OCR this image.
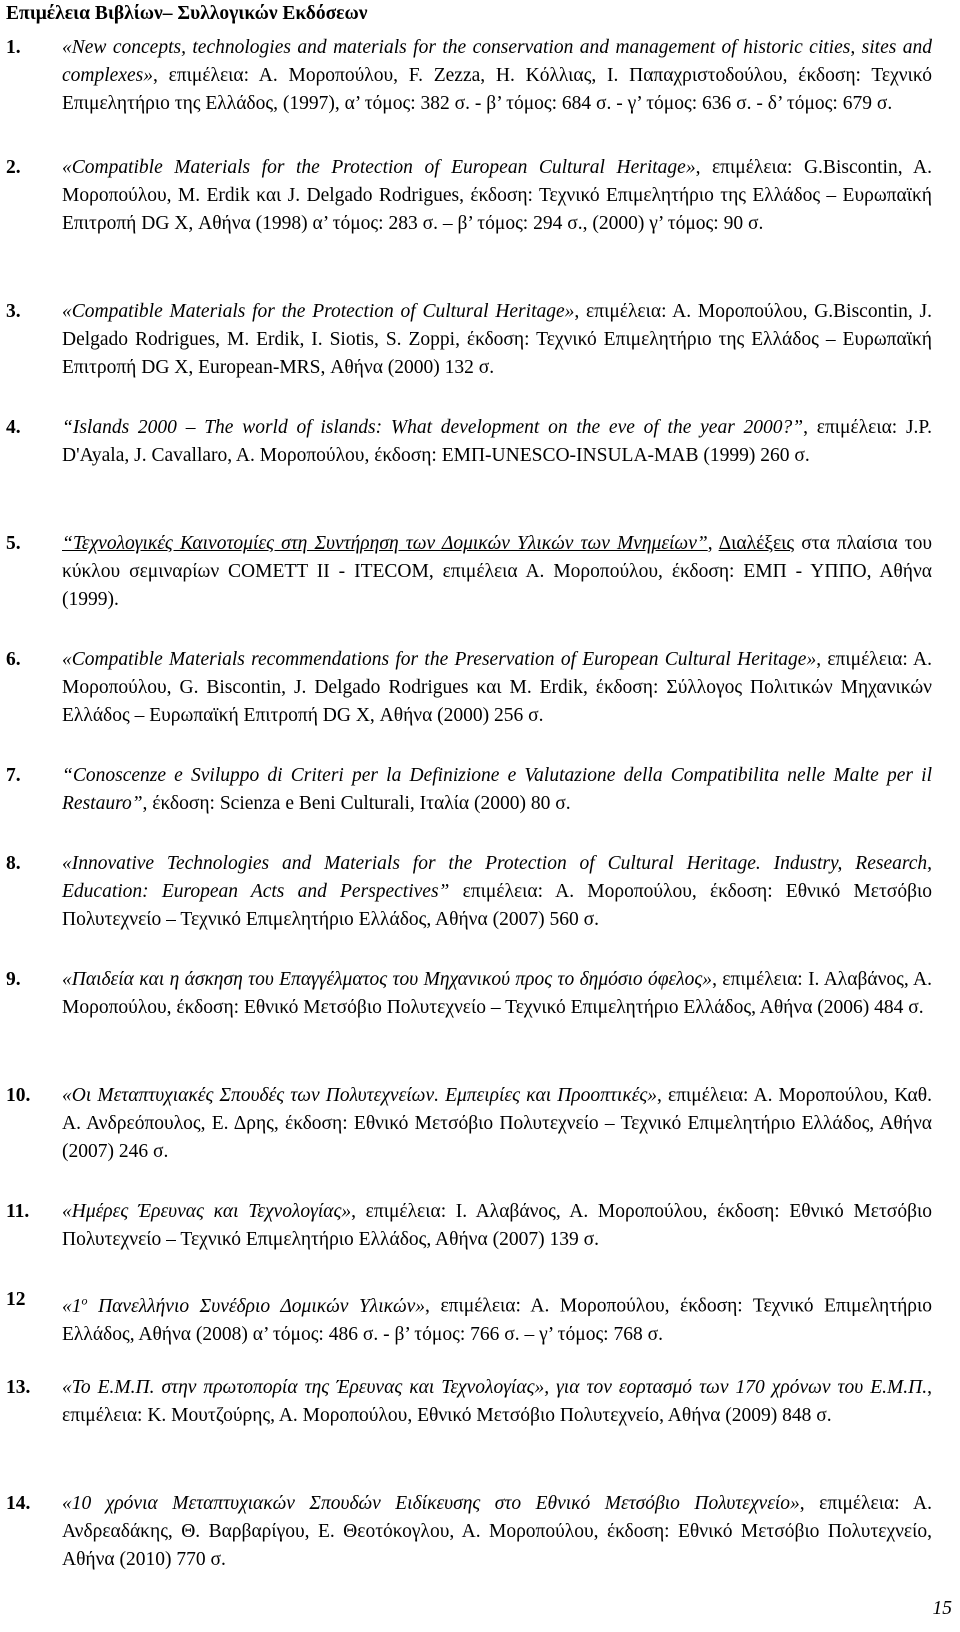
Επιμέλεια Βιβλίων– Συλλογικών Εκδόσεων
1.	«New concepts, technologies and materials for the conservation and management of historic cities, sites and complexes», επιμέλεια: Α. Μοροπούλου, F. Zezza, Η. Κόλλιας, Ι. Παπαχριστοδούλου, έκδοση: Τεχνικό Επιμελητήριο της Ελλάδος, (1997), α’ τόμος: 382 σ. - β’ τόμος: 684 σ. - γ’ τόμος: 636 σ. - δ’ τόμος: 679 σ.
2.	«Compatible Materials for the Protection of European Cultural Heritage», επιμέλεια: G.Biscontin, A. Μοροπούλου, M. Erdik και J. Delgado Rodrigues, έκδοση: Τεχνικό Επιμελητήριο της Ελλάδος – Ευρωπαϊκή Επιτροπή DG X, Αθήνα (1998) α’ τόμος: 283 σ. – β’ τόμος: 294 σ., (2000) γ’ τόμος: 90 σ.
3.	«Compatible Materials for the Protection of Cultural Heritage», επιμέλεια: Α. Μοροπούλου, G.Biscontin, J. Delgado Rodrigues, M. Erdik, I. Siotis, S. Zoppi, έκδοση: Τεχνικό Επιμελητήριο της Ελλάδος – Ευρωπαϊκή Επιτροπή DG X, European-MRS, Αθήνα (2000) 132 σ.
4.	“Islands 2000 – The world of islands: What development on the eve of the year 2000?”, επιμέλεια: J.P. D'Ayala, J. Cavallaro, A. Μοροπούλου, έκδοση: ΕΜΠ-UNESCO-INSULA-MAB (1999) 260 σ.
5.	“Τεχνολογικές Καινοτομίες στη Συντήρηση των Δομικών Υλικών των Μνημείων”, Διαλέξεις στα πλαίσια του κύκλου σεμιναρίων COMETT II - ITECOM, επιμέλεια Α. Μοροπούλου, έκδοση: ΕΜΠ - ΥΠΠΟ, Αθήνα (1999).
6.	«Compatible Materials recommendations for the Preservation of European Cultural Heritage», επιμέλεια: Α. Μοροπούλου, G. Biscontin, J. Delgado Rodrigues και M. Erdik, έκδοση: Σύλλογος Πολιτικών Μηχανικών Ελλάδος – Ευρωπαϊκή Επιτροπή DG X, Αθήνα (2000) 256 σ.
7.	“Conoscenze e Sviluppo di Criteri per la Definizione e Valutazione della Compatibilita nelle Malte per il Restauro”, έκδοση: Scienza e Beni Culturali, Ιταλία (2000) 80 σ.
8.	«Innovative Technologies and Materials for the Protection of Cultural Heritage. Industry, Research, Education: European Acts and Perspectives” επιμέλεια: Α. Μοροπούλου, έκδοση: Εθνικό Μετσόβιο Πολυτεχνείο – Τεχνικό Επιμελητήριο Ελλάδος, Αθήνα (2007) 560 σ.
9.	«Παιδεία και η άσκηση του Επαγγέλματος του Μηχανικού προς το δημόσιο όφελος», επιμέλεια: Ι. Αλαβάνος, Α. Μοροπούλου, έκδοση: Εθνικό Μετσόβιο Πολυτεχνείο – Τεχνικό Επιμελητήριο Ελλάδος, Αθήνα (2006) 484 σ.
10.	«Οι Μεταπτυχιακές Σπουδές των Πολυτεχνείων. Εμπειρίες και Προοπτικές», επιμέλεια: Α. Μοροπούλου, Καθ. Α. Ανδρεόπουλος, Ε. Δρης, έκδοση: Εθνικό Μετσόβιο Πολυτεχνείο – Τεχνικό Επιμελητήριο Ελλάδος, Αθήνα (2007) 246 σ.
11.	«Ημέρες Έρευνας και Τεχνολογίας», επιμέλεια: Ι. Αλαβάνος, Α. Μοροπούλου, έκδοση: Εθνικό Μετσόβιο Πολυτεχνείο – Τεχνικό Επιμελητήριο Ελλάδος, Αθήνα (2007) 139 σ.
12	«$1^o$ Πανελλήνιο Συνέδριο Δομικών Υλικών», επιμέλεια: Α. Μοροπούλου, έκδοση: Τεχνικό Επιμελητήριο Ελλάδος, Αθήνα (2008) α’ τόμος: 486 σ. - β’ τόμος: 766 σ. – γ’ τόμος: 768 σ.
13.	«Το Ε.Μ.Π. στην πρωτοπορία της Έρευνας και Τεχνολογίας», για τον εορτασμό των 170 χρόνων του Ε.Μ.Π., επιμέλεια: Κ. Μουτζούρης, Α. Μοροπούλου, Εθνικό Μετσόβιο Πολυτεχνείο, Αθήνα (2009) 848 σ.
14.	«10 χρόνια Μεταπτυχιακών Σπουδών Ειδίκευσης στο Εθνικό Μετσόβιο Πολυτεχνείο», επιμέλεια: Α. Ανδρεαδάκης, Θ. Βαρβαρίγου, Ε. Θεοτόκογλου, Α. Μοροπούλου, έκδοση: Εθνικό Μετσόβιο Πολυτεχνείο, Αθήνα (2010) 770 σ.
15
